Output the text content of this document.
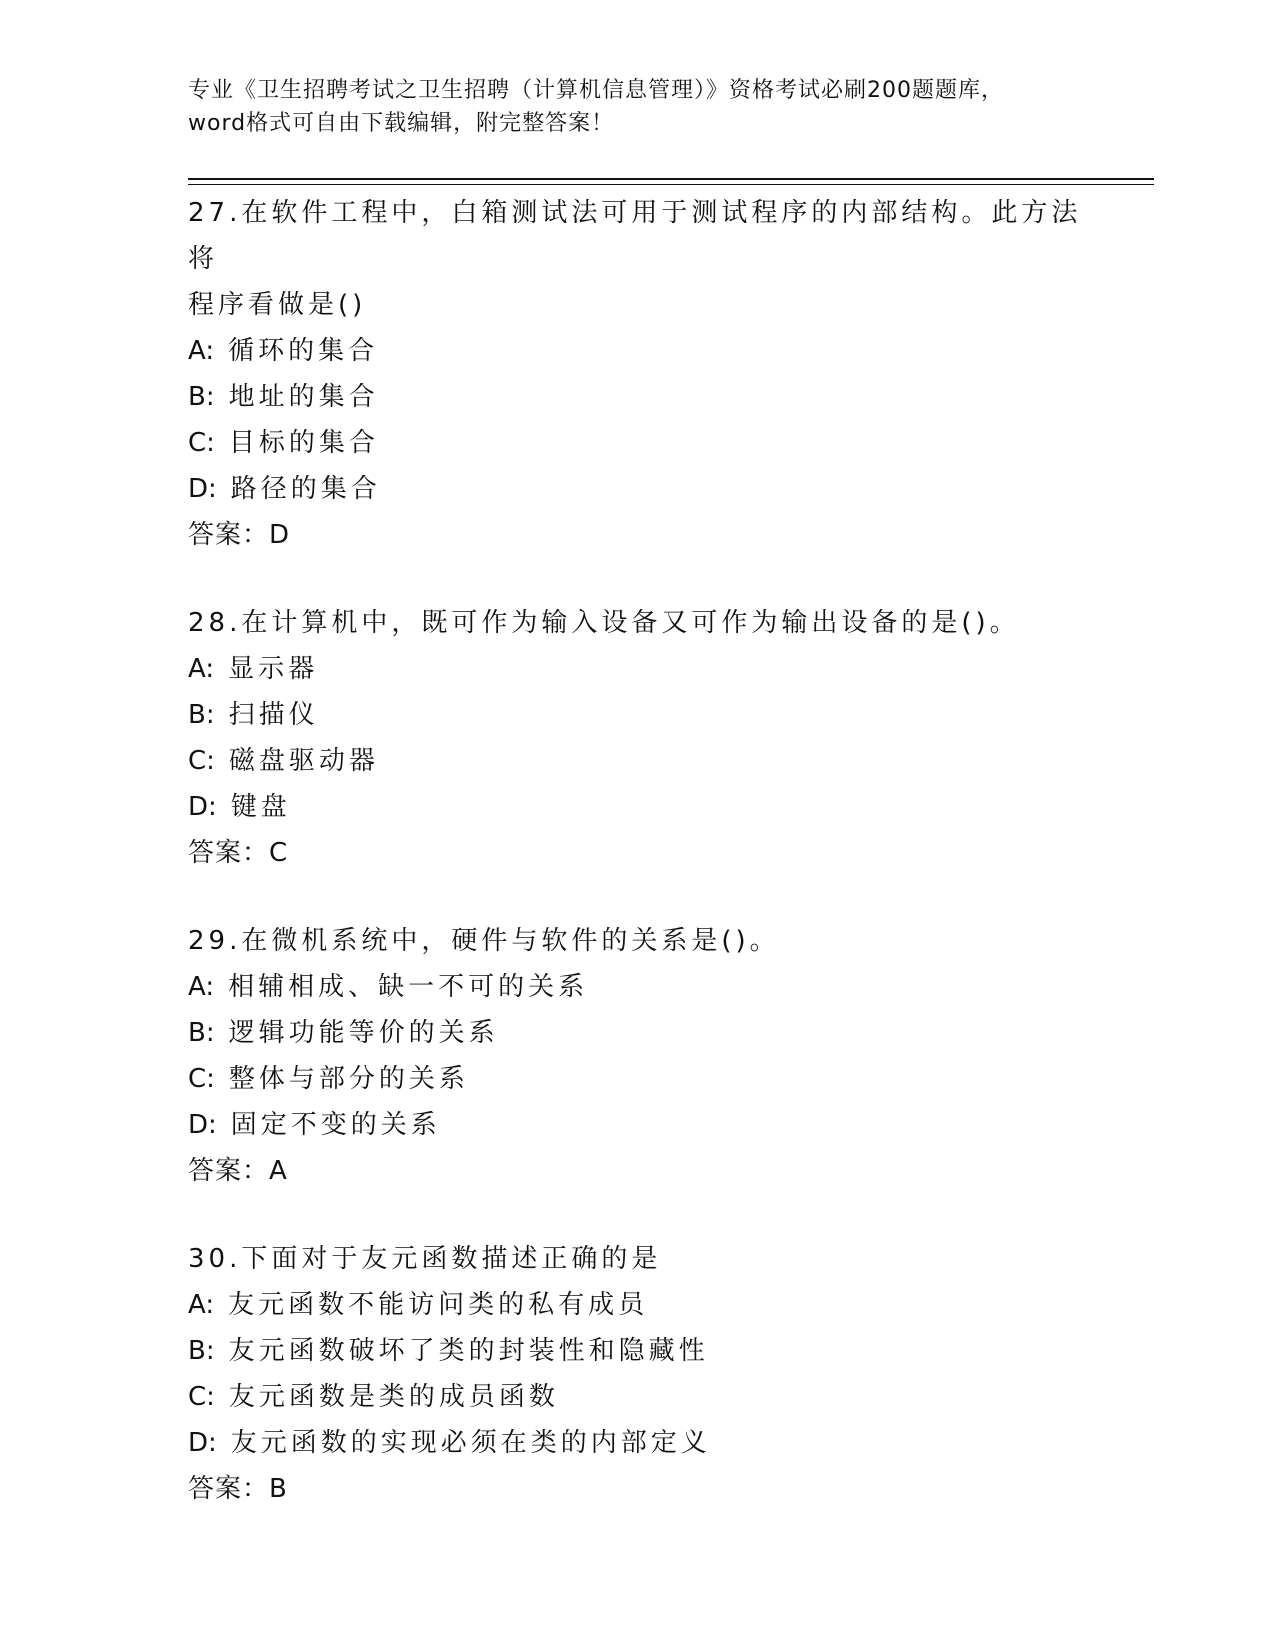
专业《卫生招聘考试之卫生招聘（计算机信息管理）》资格考试必刷200题题库，
word格式可自由下载编辑，附完整答案！
27.在软件工程中，白箱测试法可用于测试程序的内部结构。此方法将
程序看做是()
A: 循环的集合
B: 地址的集合
C: 目标的集合
D: 路径的集合
答案：D
28.在计算机中，既可作为输入设备又可作为输出设备的是()。
A: 显示器
B: 扫描仪
C: 磁盘驱动器
D: 键盘
答案：C
29.在微机系统中，硬件与软件的关系是()。
A: 相辅相成、缺一不可的关系
B: 逻辑功能等价的关系
C: 整体与部分的关系
D: 固定不变的关系
答案：A
30.下面对于友元函数描述正确的是
A: 友元函数不能访问类的私有成员
B: 友元函数破坏了类的封装性和隐藏性
C: 友元函数是类的成员函数
D: 友元函数的实现必须在类的内部定义
答案：B
